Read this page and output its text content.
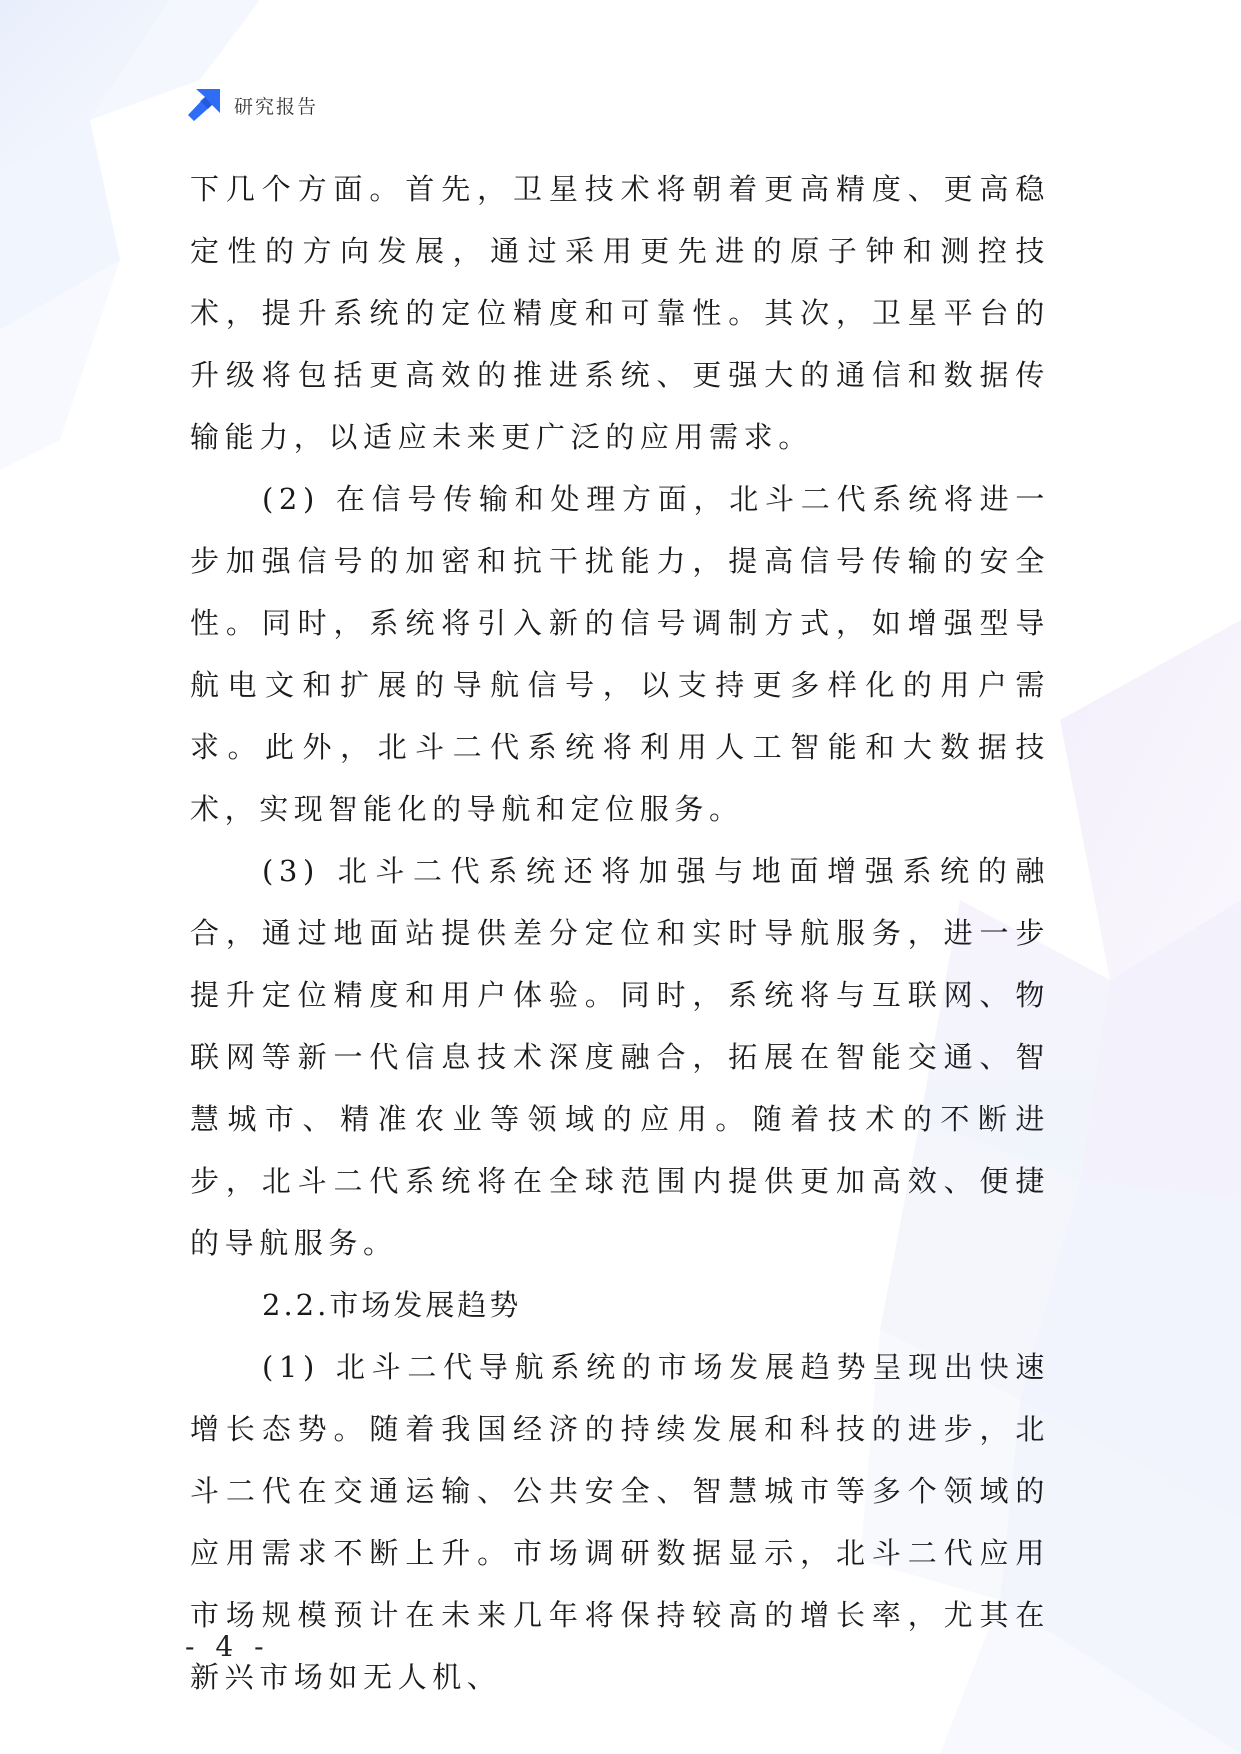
研究报告

下几个方面。首先，卫星技术将朝着更高精度、更高稳定性的方向发展，通过采用更先进的原子钟和测控技术，提升系统的定位精度和可靠性。其次，卫星平台的升级将包括更高效的推进系统、更强大的通信和数据传输能力，以适应未来更广泛的应用需求。

(2) 在信号传输和处理方面，北斗二代系统将进一步加强信号的加密和抗干扰能力，提高信号传输的安全性。同时，系统将引入新的信号调制方式，如增强型导航电文和扩展的导航信号，以支持更多样化的用户需求。此外，北斗二代系统将利用人工智能和大数据技术，实现智能化的导航和定位服务。

(3) 北斗二代系统还将加强与地面增强系统的融合，通过地面站提供差分定位和实时导航服务，进一步提升定位精度和用户体验。同时，系统将与互联网、物联网等新一代信息技术深度融合，拓展在智能交通、智慧城市、精准农业等领域的应用。随着技术的不断进步，北斗二代系统将在全球范围内提供更加高效、便捷的导航服务。

2.2.市场发展趋势

(1) 北斗二代导航系统的市场发展趋势呈现出快速增长态势。随着我国经济的持续发展和科技的进步，北斗二代在交通运输、公共安全、智慧城市等多个领域的应用需求不断上升。市场调研数据显示，北斗二代应用市场规模预计在未来几年将保持较高的增长率，尤其在新兴市场如无人机、

- 4 -
